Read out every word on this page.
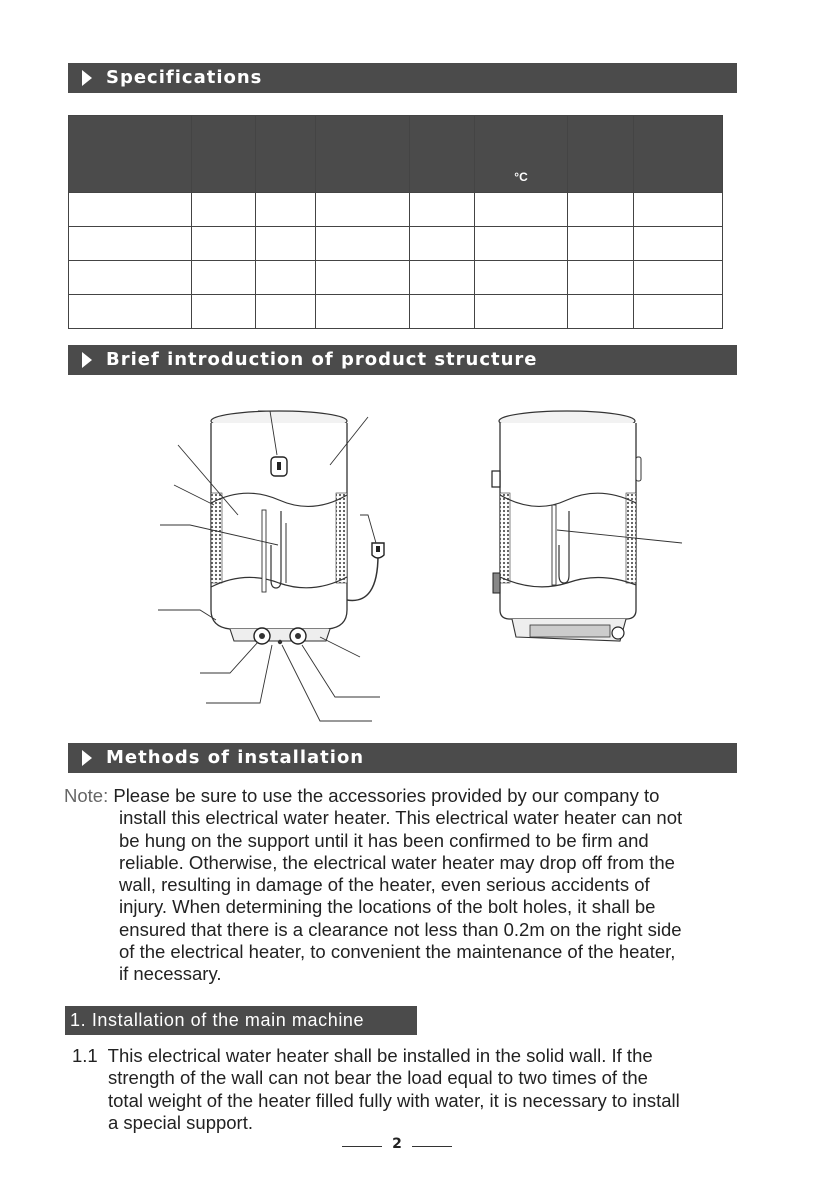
Specifications
					°C		

Brief introduction of product structure
Methods of installation
Note: Please be sure to use the accessories provided by our company to
install this electrical water heater. This electrical water heater can not
be hung on the support until it has been confirmed to be firm and
reliable. Otherwise, the electrical water heater may drop off from the
wall, resulting in damage of the heater, even serious accidents of
injury. When determining the locations of the bolt holes, it shall be
ensured that there is a clearance not less than 0.2m on the right side
of the electrical heater, to convenient the maintenance of the heater,
if necessary.
1. Installation of the main machine
1.1  This electrical water heater shall be installed in the solid wall. If the
strength of the wall can not bear the load equal to two times of the
total weight of the heater filled fully with water, it is necessary to install
a special support.
2
